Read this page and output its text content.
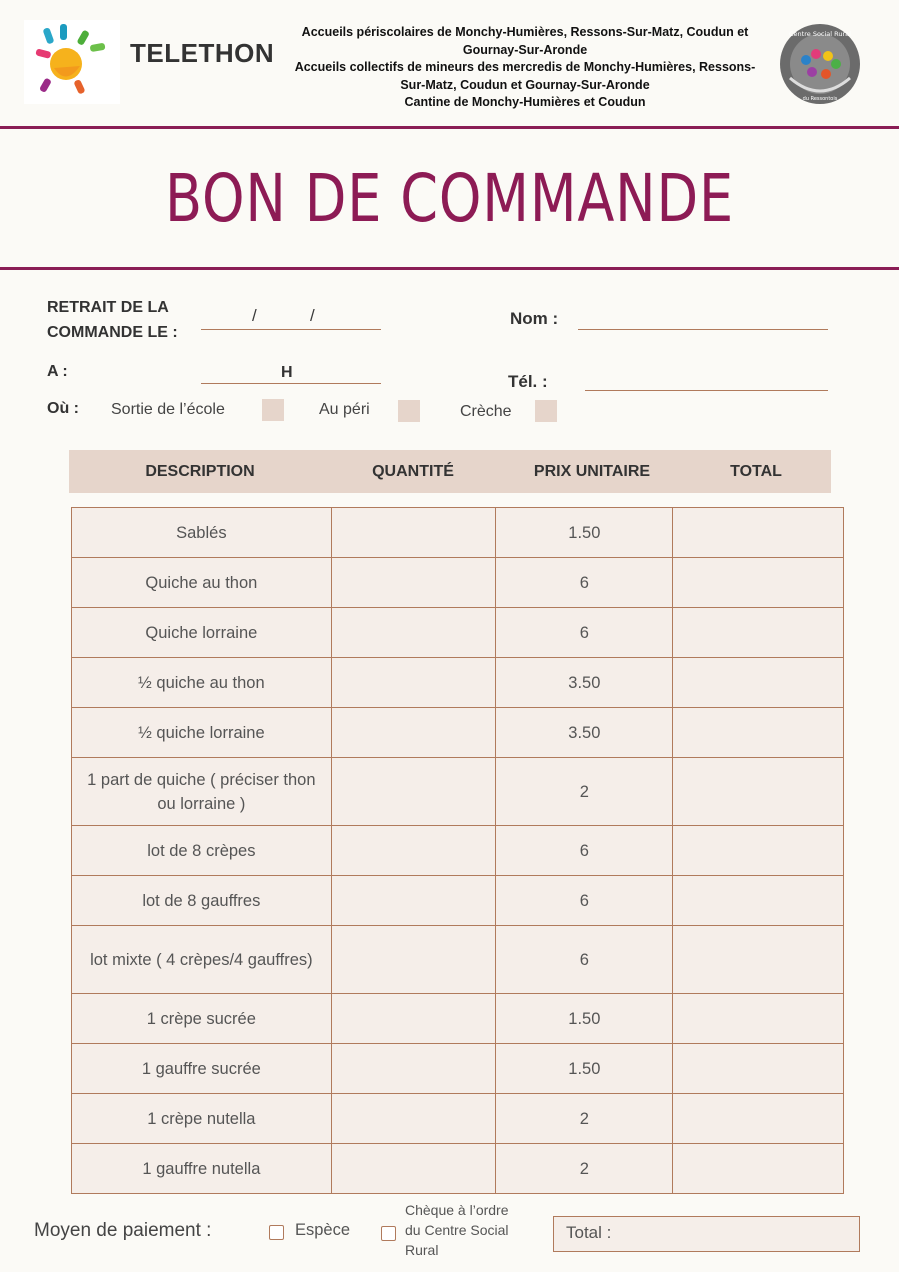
TELETHON
Accueils périscolaires de Monchy-Humières, Ressons-Sur-Matz, Coudun et Gournay-Sur-Aronde
Accueils collectifs de mineurs des mercredis de Monchy-Humières, Ressons-Sur-Matz, Coudun et Gournay-Sur-Aronde
Cantine de Monchy-Humières et Coudun
Centre Social Rural
du Ressontois
BON DE COMMANDE
RETRAIT DE LA
COMMANDE LE :
/	/	Nom :
A :	H	Tél. :
Où : Sortie de l’école	Au péri	Crèche
DESCRIPTION	QUANTITÉ	PRIX UNITAIRE	TOTAL
Sablés		1.50	
Quiche au thon		6	
Quiche lorraine		6	
½ quiche au thon		3.50	
½ quiche lorraine		3.50	
1 part de quiche ( préciser thon ou lorraine )		2	
lot de 8 crèpes		6	
lot de 8 gauffres		6	
lot mixte ( 4 crèpes/4 gauffres)		6	
1 crèpe sucrée		1.50	
1 gauffre sucrée		1.50	
1 crèpe nutella		2	
1 gauffre nutella		2	
Moyen de paiement :	Espèce
Chèque à l’ordre
du Centre Social
Rural
Total :
